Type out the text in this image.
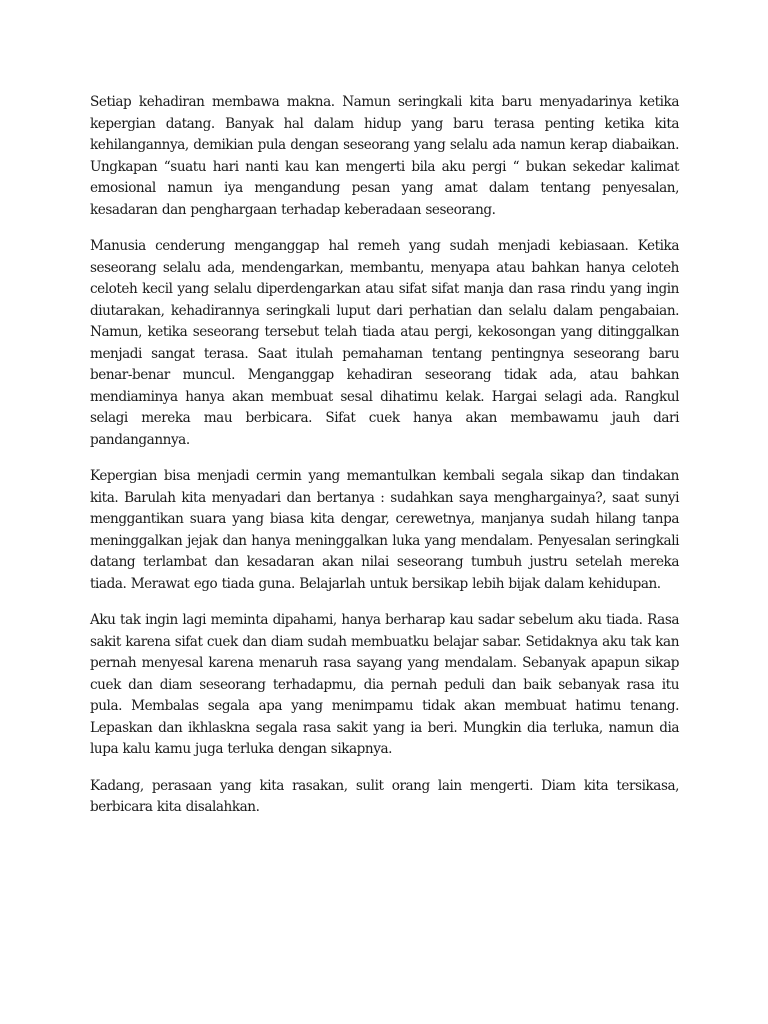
Setiap kehadiran membawa makna. Namun seringkali kita baru menyadarinya ketika kepergian datang. Banyak hal dalam hidup yang baru terasa penting ketika kita kehilangannya, demikian pula dengan seseorang yang selalu ada namun kerap diabaikan. Ungkapan “suatu hari nanti kau kan mengerti bila aku pergi “ bukan sekedar kalimat emosional namun iya mengandung pesan yang amat dalam tentang penyesalan, kesadaran dan penghargaan terhadap keberadaan seseorang.

Manusia cenderung menganggap hal remeh yang sudah menjadi kebiasaan. Ketika seseorang selalu ada, mendengarkan, membantu, menyapa atau bahkan hanya celoteh celoteh kecil yang selalu diperdengarkan atau sifat sifat manja dan rasa rindu yang ingin diutarakan, kehadirannya seringkali luput dari perhatian dan selalu dalam pengabaian. Namun, ketika seseorang tersebut telah tiada atau pergi, kekosongan yang ditinggalkan menjadi sangat terasa. Saat itulah pemahaman tentang pentingnya seseorang baru benar-benar muncul. Menganggap kehadiran seseorang tidak ada, atau bahkan mendiaminya hanya akan membuat sesal dihatimu kelak. Hargai selagi ada. Rangkul selagi mereka mau berbicara. Sifat cuek hanya akan membawamu jauh dari pandangannya.

Kepergian bisa menjadi cermin yang memantulkan kembali segala sikap dan tindakan kita. Barulah kita menyadari dan bertanya : sudahkan saya menghargainya?, saat sunyi menggantikan suara yang biasa kita dengar, cerewetnya, manjanya sudah hilang tanpa meninggalkan jejak dan hanya meninggalkan luka yang mendalam. Penyesalan seringkali datang terlambat dan kesadaran akan nilai seseorang tumbuh justru setelah mereka tiada. Merawat ego tiada guna. Belajarlah untuk bersikap lebih bijak dalam kehidupan.

Aku tak ingin lagi meminta dipahami, hanya berharap kau sadar sebelum aku tiada. Rasa sakit karena sifat cuek dan diam sudah membuatku belajar sabar. Setidaknya aku tak kan pernah menyesal karena menaruh rasa sayang yang mendalam. Sebanyak apapun sikap cuek dan diam seseorang terhadapmu, dia pernah peduli dan baik sebanyak rasa itu pula. Membalas segala apa yang menimpamu tidak akan membuat hatimu tenang. Lepaskan dan ikhlaskna segala rasa sakit yang ia beri. Mungkin dia terluka, namun dia lupa kalu kamu juga terluka dengan sikapnya.

Kadang, perasaan yang kita rasakan, sulit orang lain mengerti. Diam kita tersikasa, berbicara kita disalahkan.
